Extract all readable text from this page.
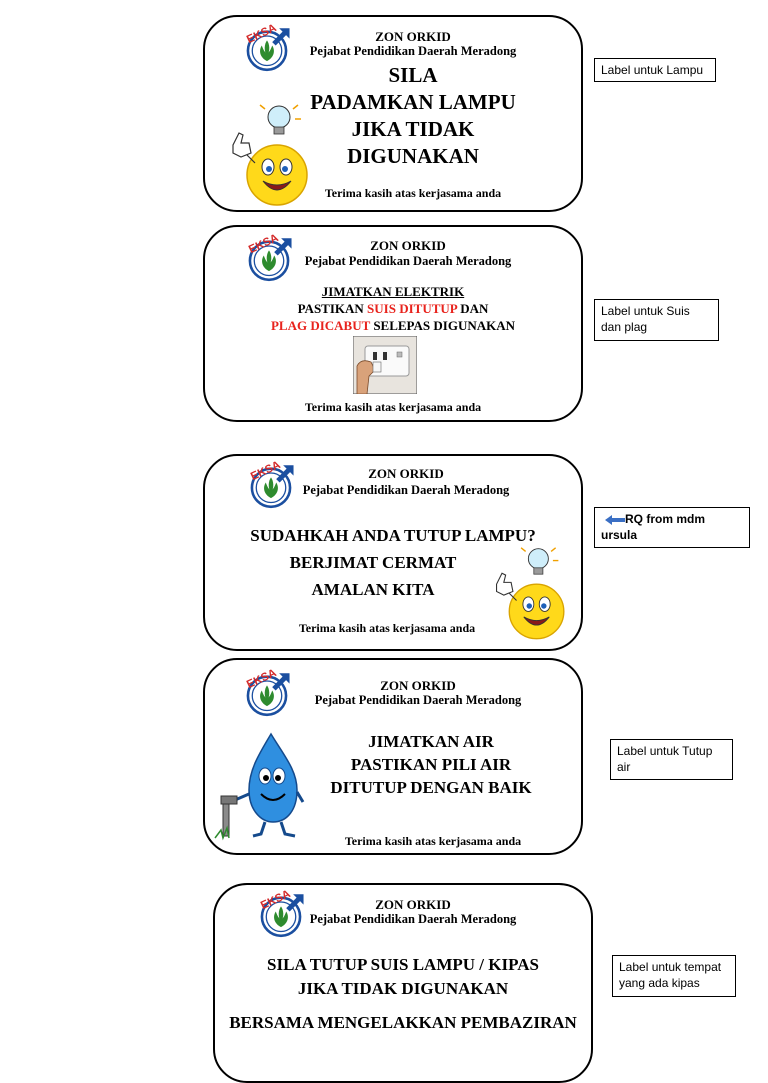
ZON ORKID
Pejabat Pendidikan Daerah Meradong
SILA
PADAMKAN LAMPU
JIKA TIDAK
DIGUNAKAN
Terima kasih atas kerjasama anda
ZON ORKID
Pejabat Pendidikan Daerah Meradong
JIMATKAN ELEKTRIK
PASTIKAN SUIS DITUTUP DAN
PLAG DICABUT SELEPAS DIGUNAKAN
Terima kasih atas kerjasama anda
ZON ORKID
Pejabat Pendidikan Daerah Meradong
SUDAHKAH ANDA TUTUP LAMPU?
BERJIMAT CERMAT
AMALAN KITA
Terima kasih atas kerjasama anda
ZON ORKID
Pejabat Pendidikan Daerah Meradong
JIMATKAN AIR
PASTIKAN PILI AIR
DITUTUP DENGAN BAIK
Terima kasih atas kerjasama anda
ZON ORKID
Pejabat Pendidikan Daerah Meradong
SILA TUTUP SUIS LAMPU / KIPAS
JIKA TIDAK DIGUNAKAN
BERSAMA MENGELAKKAN PEMBAZIRAN
Label untuk Lampu
Label untuk Suis dan plag
RQ from mdm ursula
Label untuk Tutup air
Label untuk tempat yang ada kipas
